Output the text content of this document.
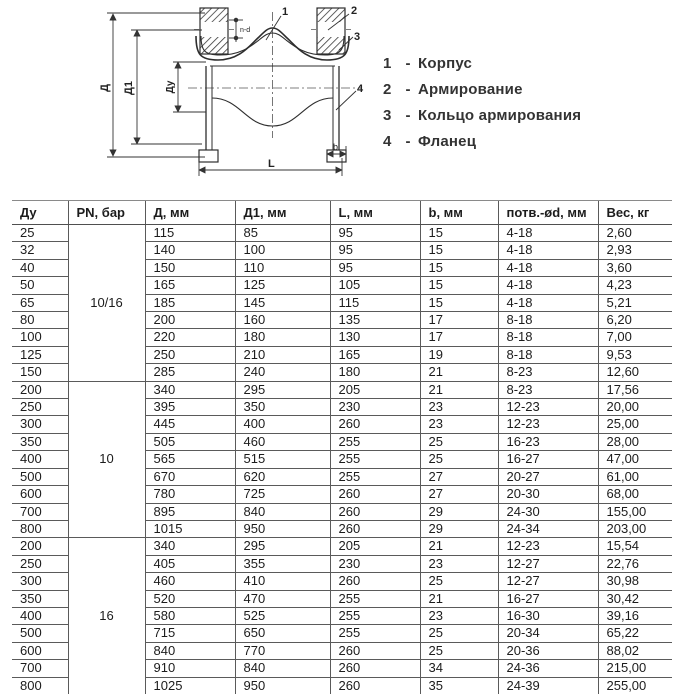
Д Д1	Ду
n-d
L
b
1	2
3
4
1 - Корпус
2 - Армирование
3 - Кольцо армирования
4 - Фланец
Ду	PN, бар	Д, мм	Д1, мм	L, мм	b, мм	потв.-ød, мм	Вес, кг
25	10/16	115	85	95	15	4-18	2,60
32		140	100	95	15	4-18	2,93
40		150	110	95	15	4-18	3,60
50		165	125	105	15	4-18	4,23
65		185	145	115	15	4-18	5,21
80		200	160	135	17	8-18	6,20
100		220	180	130	17	8-18	7,00
125		250	210	165	19	8-18	9,53
150		285	240	180	21	8-23	12,60
200	10	340	295	205	21	8-23	17,56
250		395	350	230	23	12-23	20,00
300		445	400	260	23	12-23	25,00
350		505	460	255	25	16-23	28,00
400		565	515	255	25	16-27	47,00
500		670	620	255	27	20-27	61,00
600		780	725	260	27	20-30	68,00
700		895	840	260	29	24-30	155,00
800		1015	950	260	29	24-34	203,00
200	16	340	295	205	21	12-23	15,54
250		405	355	230	23	12-27	22,76
300		460	410	260	25	12-27	30,98
350		520	470	255	21	16-27	30,42
400		580	525	255	23	16-30	39,16
500		715	650	255	25	20-34	65,22
600		840	770	260	25	20-36	88,02
700		910	840	260	34	24-36	215,00
800		1025	950	260	35	24-39	255,00
